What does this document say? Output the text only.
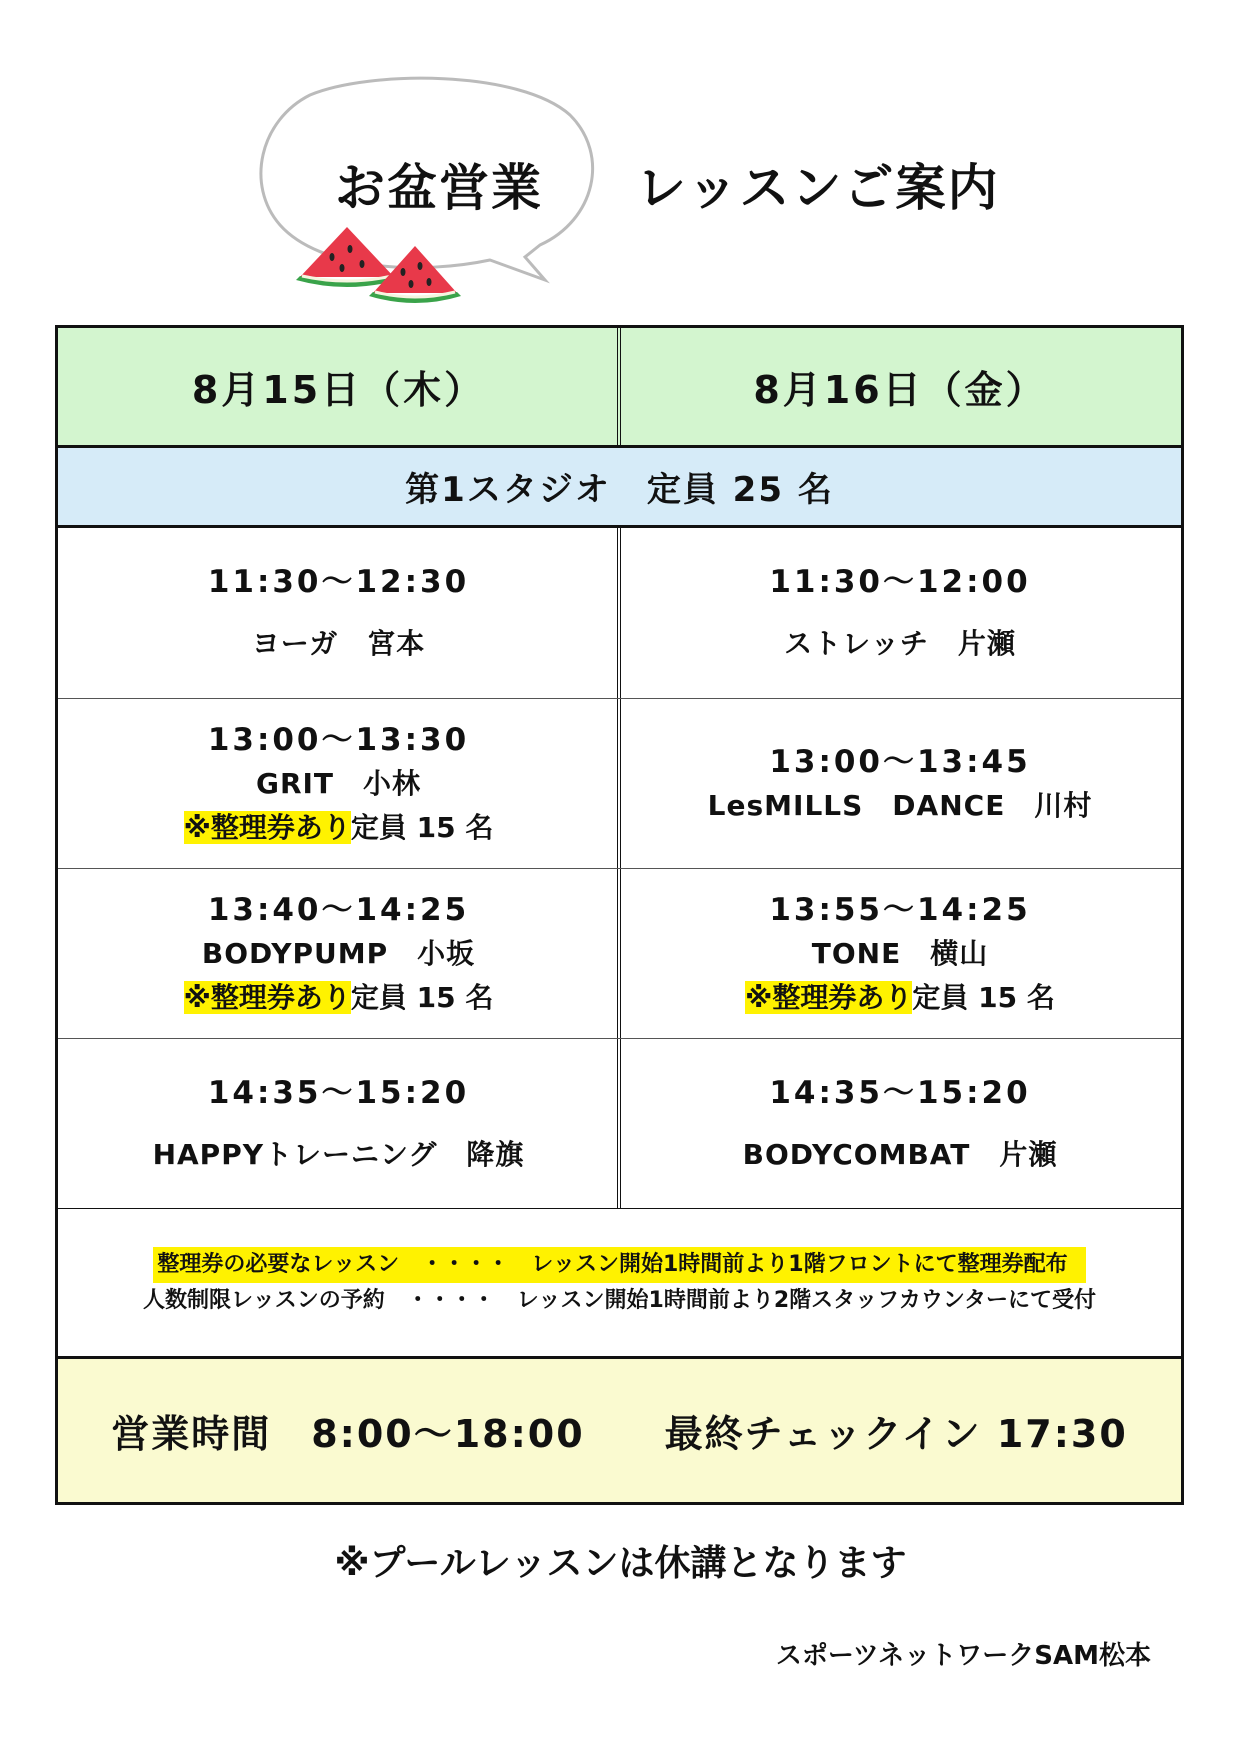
お盆営業 レッスンご案内
8月15日（木）	8月16日（金）
第1スタジオ　定員 25 名
11:30〜12:30
ヨーガ　宮本
11:30〜12:00
ストレッチ　片瀬
13:00〜13:30
GRIT　小林
※整理券あり定員 15 名
13:00〜13:45
LesMILLS　DANCE　川村
13:40〜14:25
BODYPUMP　小坂
※整理券あり定員 15 名
13:55〜14:25
TONE　横山
※整理券あり定員 15 名
14:35〜15:20
HAPPYトレーニング　降旗
14:35〜15:20
BODYCOMBAT　片瀬
整理券の必要なレッスン　・・・・　レッスン開始1時間前より1階フロントにて整理券配布
人数制限レッスンの予約　・・・・　レッスン開始1時間前より2階スタッフカウンターにて受付
営業時間　8:00〜18:00　　最終チェックイン 17:30
※プールレッスンは休講となります
スポーツネットワークSAM松本
